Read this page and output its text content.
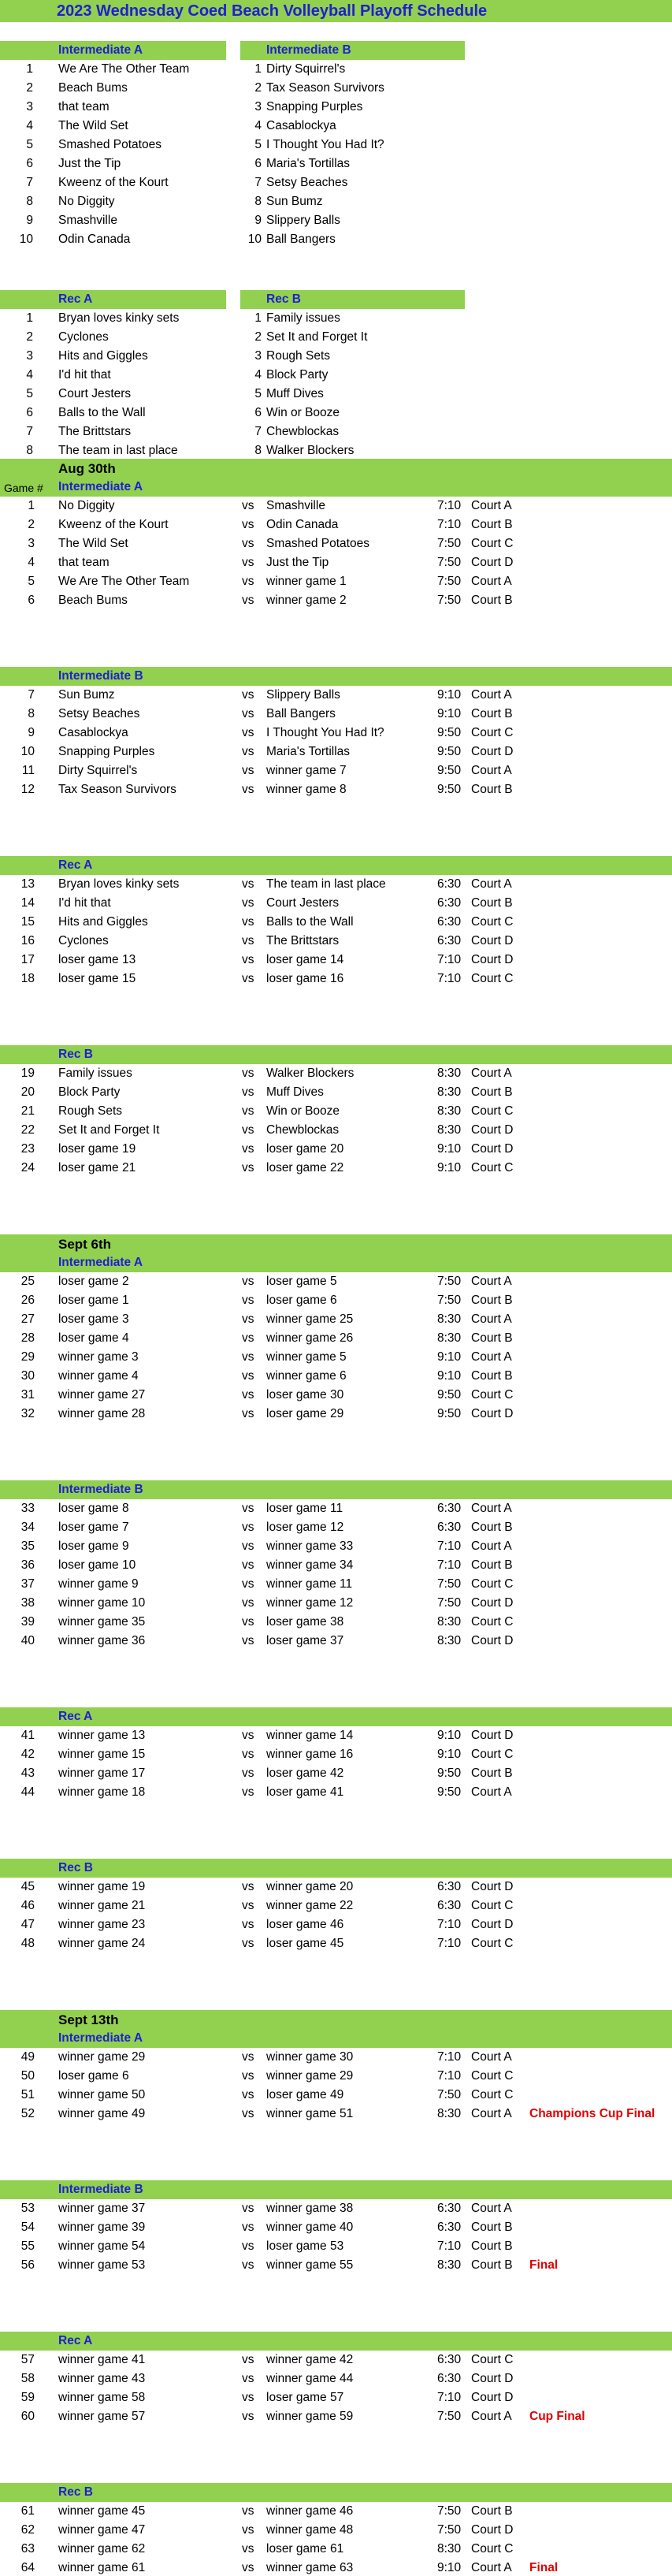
2023 Wednesday Coed Beach Volleyball Playoff Schedule
Intermediate A	Intermediate B
1 We Are The Other Team	1 Dirty Squirrel's
2 Beach Bums	2 Tax Season Survivors
3 that team	3 Snapping Purples
4 The Wild Set	4 Casablockya
5 Smashed Potatoes	5 I Thought You Had It?
6 Just the Tip	6 Maria's Tortillas
7 Kweenz of the Kourt	7 Setsy Beaches
8 No Diggity	8 Sun Bumz
9 Smashville	9 Slippery Balls
10 Odin Canada	10 Ball Bangers
Rec A	Rec B
1 Bryan loves kinky sets	1 Family issues
2 Cyclones	2 Set It and Forget It
3 Hits and Giggles	3 Rough Sets
4 I'd hit that	4 Block Party
5 Court Jesters	5 Muff Dives
6 Balls to the Wall	6 Win or Booze
7 The Brittstars	7 Chewblockas
8 The team in last place	8 Walker Blockers
Aug 30th
Intermediate A
Game #
1 No Diggity	vs Smashville	7:10 Court A
2 Kweenz of the Kourt	vs Odin Canada	7:10 Court B
3 The Wild Set	vs Smashed Potatoes	7:50 Court C
4 that team	vs Just the Tip	7:50 Court D
5 We Are The Other Team	vs winner game 1	7:50 Court A
6 Beach Bums	vs winner game 2	7:50 Court B
Intermediate B
7 Sun Bumz	vs Slippery Balls	9:10 Court A
8 Setsy Beaches	vs Ball Bangers	9:10 Court B
9 Casablockya	vs I Thought You Had It?	9:50 Court C
10 Snapping Purples	vs Maria's Tortillas	9:50 Court D
11 Dirty Squirrel's	vs winner game 7	9:50 Court A
12 Tax Season Survivors	vs winner game 8	9:50 Court B
Rec A
13 Bryan loves kinky sets	vs The team in last place	6:30 Court A
14 I'd hit that	vs Court Jesters	6:30 Court B
15 Hits and Giggles	vs Balls to the Wall	6:30 Court C
16 Cyclones	vs The Brittstars	6:30 Court D
17 loser game 13	vs loser game 14	7:10 Court D
18 loser game 15	vs loser game 16	7:10 Court C
Rec B
19 Family issues	vs Walker Blockers	8:30 Court A
20 Block Party	vs Muff Dives	8:30 Court B
21 Rough Sets	vs Win or Booze	8:30 Court C
22 Set It and Forget It	vs Chewblockas	8:30 Court D
23 loser game 19	vs loser game 20	9:10 Court D
24 loser game 21	vs loser game 22	9:10 Court C
Sept 6th
Intermediate A
25 loser game 2	vs loser game 5	7:50 Court A
26 loser game 1	vs loser game 6	7:50 Court B
27 loser game 3	vs winner game 25	8:30 Court A
28 loser game 4	vs winner game 26	8:30 Court B
29 winner game 3	vs winner game 5	9:10 Court A
30 winner game 4	vs winner game 6	9:10 Court B
31 winner game 27	vs loser game 30	9:50 Court C
32 winner game 28	vs loser game 29	9:50 Court D
Intermediate B
33 loser game 8	vs loser game 11	6:30 Court A
34 loser game 7	vs loser game 12	6:30 Court B
35 loser game 9	vs winner game 33	7:10 Court A
36 loser game 10	vs winner game 34	7:10 Court B
37 winner game 9	vs winner game 11	7:50 Court C
38 winner game 10	vs winner game 12	7:50 Court D
39 winner game 35	vs loser game 38	8:30 Court C
40 winner game 36	vs loser game 37	8:30 Court D
Rec A
41 winner game 13	vs winner game 14	9:10 Court D
42 winner game 15	vs winner game 16	9:10 Court C
43 winner game 17	vs loser game 42	9:50 Court B
44 winner game 18	vs loser game 41	9:50 Court A
Rec B
45 winner game 19	vs winner game 20	6:30 Court D
46 winner game 21	vs winner game 22	6:30 Court C
47 winner game 23	vs loser game 46	7:10 Court D
48 winner game 24	vs loser game 45	7:10 Court C
Sept 13th
Intermediate A
49 winner game 29	vs winner game 30	7:10 Court A
50 loser game 6	vs winner game 29	7:10 Court C
51 winner game 50	vs loser game 49	7:50 Court C
52 winner game 49	vs winner game 51	8:30 Court A Champions Cup Final
Intermediate B
53 winner game 37	vs winner game 38	6:30 Court A
54 winner game 39	vs winner game 40	6:30 Court B
55 winner game 54	vs loser game 53	7:10 Court B
56 winner game 53	vs winner game 55	8:30 Court B Final
Rec A
57 winner game 41	vs winner game 42	6:30 Court C
58 winner game 43	vs winner game 44	6:30 Court D
59 winner game 58	vs loser game 57	7:10 Court D
60 winner game 57	vs winner game 59	7:50 Court A Cup Final
Rec B
61 winner game 45	vs winner game 46	7:50 Court B
62 winner game 47	vs winner game 48	7:50 Court D
63 winner game 62	vs loser game 61	8:30 Court C
64 winner game 61	vs winner game 63	9:10 Court A Final
